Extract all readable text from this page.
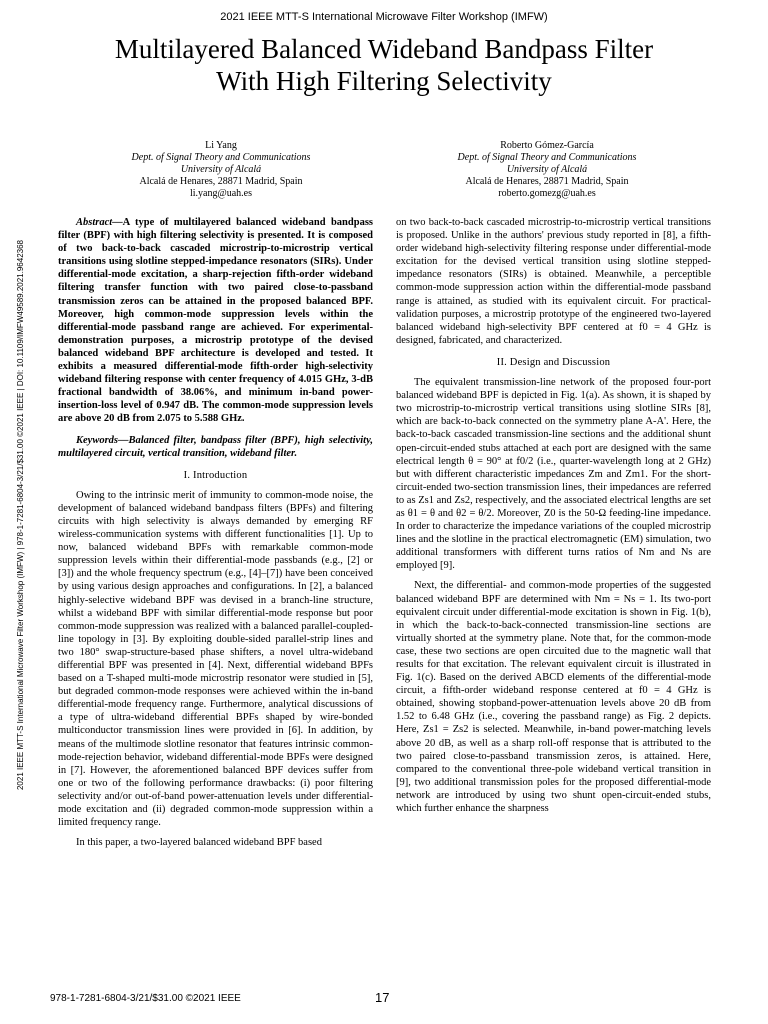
2021 IEEE MTT-S International Microwave Filter Workshop (IMFW)
Multilayered Balanced Wideband Bandpass Filter
With High Filtering Selectivity
Li Yang
Dept. of Signal Theory and Communications
University of Alcalá
Alcalá de Henares, 28871 Madrid, Spain
li.yang@uah.es
Roberto Gómez-García
Dept. of Signal Theory and Communications
University of Alcalá
Alcalá de Henares, 28871 Madrid, Spain
roberto.gomezg@uah.es
2021 IEEE MTT-S International Microwave Filter Workshop (IMFW) | 978-1-7281-6804-3/21/$31.00 ©2021 IEEE | DOI: 10.1109/IMFW49589.2021.9642368

Abstract—A type of multilayered balanced wideband bandpass filter (BPF) with high filtering selectivity is presented. It is composed of two back-to-back cascaded microstrip-to-microstrip vertical transitions using slotline stepped-impedance resonators (SIRs). Under differential-mode excitation, a sharp-rejection fifth-order wideband filtering transfer function with two paired close-to-passband transmission zeros can be attained in the proposed balanced BPF. Moreover, high common-mode suppression levels within the differential-mode passband range are achieved. For experimental-demonstration purposes, a microstrip prototype of the devised balanced wideband BPF architecture is developed and tested. It exhibits a measured differential-mode fifth-order high-selectivity wideband filtering response with center frequency of 4.015 GHz, 3-dB fractional bandwidth of 38.06%, and minimum in-band power-insertion-loss level of 0.947 dB. The common-mode suppression levels are above 20 dB from 2.075 to 5.588 GHz.

Keywords—Balanced filter, bandpass filter (BPF), high selectivity, multilayered circuit, vertical transition, wideband filter.

I. Introduction

Owing to the intrinsic merit of immunity to common-mode noise, the development of balanced wideband bandpass filters (BPFs) and filtering circuits with high selectivity is always demanded by emerging RF wireless-communication systems with different functionalities [1]. Up to now, balanced wideband BPFs with remarkable common-mode suppression levels within their differential-mode passbands (e.g., [2] or [3]) and the whole frequency spectrum (e.g., [4]–[7]) have been conceived by using various design approaches and configurations. In [2], a balanced highly-selective wideband BPF was devised in a branch-line structure, whilst a wideband BPF with similar differential-mode response but poor common-mode suppression was realized with a balanced parallel-coupled-line topology in [3]. By exploiting double-sided parallel-strip lines and two 180° swap-structure-based phase shifters, a novel ultra-wideband differential BPF was presented in [4]. Next, differential wideband BPFs based on a T-shaped multi-mode microstrip resonator were studied in [5], but degraded common-mode responses were achieved within the in-band differential-mode frequency range. Furthermore, analytical discussions of a type of ultra-wideband differential BPFs shaped by wire-bonded multiconductor transmission lines were provided in [6]. In addition, by means of the multimode slotline resonator that features intrinsic common-mode-rejection behavior, wideband differential-mode BPFs were designed in [7]. However, the aforementioned balanced BPF devices suffer from one or two of the following performance drawbacks: (i) poor filtering selectivity and/or out-of-band power-attenuation levels under differential-mode excitation and (ii) degraded common-mode suppression within a limited frequency range.

In this paper, a two-layered balanced wideband BPF based

on two back-to-back cascaded microstrip-to-microstrip vertical transitions is proposed. Unlike in the authors' previous study reported in [8], a fifth-order wideband high-selectivity filtering response under differential-mode excitation for the devised vertical transition using slotline stepped-impedance resonators (SIRs) is obtained. Meanwhile, a perceptible common-mode suppression action within the differential-mode passband range is attained, as studied with its equivalent circuit. For practical-validation purposes, a microstrip prototype of the engineered two-layered balanced wideband high-selectivity BPF centered at f0 = 4 GHz is designed, fabricated, and characterized.

II. Design and Discussion

The equivalent transmission-line network of the proposed four-port balanced wideband BPF is depicted in Fig. 1(a). As shown, it is shaped by two microstrip-to-microstrip vertical transitions using slotline SIRs [8], which are back-to-back connected on the symmetry plane A-A'. Here, the back-to-back cascaded transmission-line sections and the additional shunt open-circuit-ended stubs attached at each port are designed with the same electrical length θ = 90° at f0/2 (i.e., quarter-wavelength long at 2 GHz) but with different characteristic impedances Zm and Zm1. For the short-circuit-ended two-section transmission lines, their impedances are referred to as Zs1 and Zs2, respectively, and the associated electrical lengths are set as θ1 = θ and θ2 = θ/2. Moreover, Z0 is the 50-Ω feeding-line impedance. In order to characterize the impedance variations of the coupled microstrip lines and the slotline in the practical electromagnetic (EM) simulation, two additional transformers with different turns ratios of Nm and Ns are employed [9].

Next, the differential- and common-mode properties of the suggested balanced wideband BPF are determined with Nm = Ns = 1. Its two-port equivalent circuit under differential-mode excitation is shown in Fig. 1(b), in which the back-to-back-connected transmission-line sections are virtually shorted at the symmetry plane. Note that, for the common-mode case, these two sections are open circuited due to the magnetic wall that results for that excitation. The relevant equivalent circuit is illustrated in Fig. 1(c). Based on the derived ABCD elements of the differential-mode circuit, a fifth-order wideband response centered at f0 = 4 GHz is obtained, showing stopband-power-attenuation levels above 20 dB from 1.52 to 6.48 GHz (i.e., covering the passband range) as Fig. 2 depicts. Here, Zs1 = Zs2 is selected. Meanwhile, in-band power-matching levels above 20 dB, as well as a sharp roll-off response that is attributed to the two paired close-to-passband transmission zeros, is attained. Here, compared to the conventional three-pole wideband vertical transition in [9], two additional transmission poles for the proposed differential-mode network are introduced by using two shunt open-circuit-ended stubs, which further enhance the sharpness

978-1-7281-6804-3/21/$31.00 ©2021 IEEE	17
